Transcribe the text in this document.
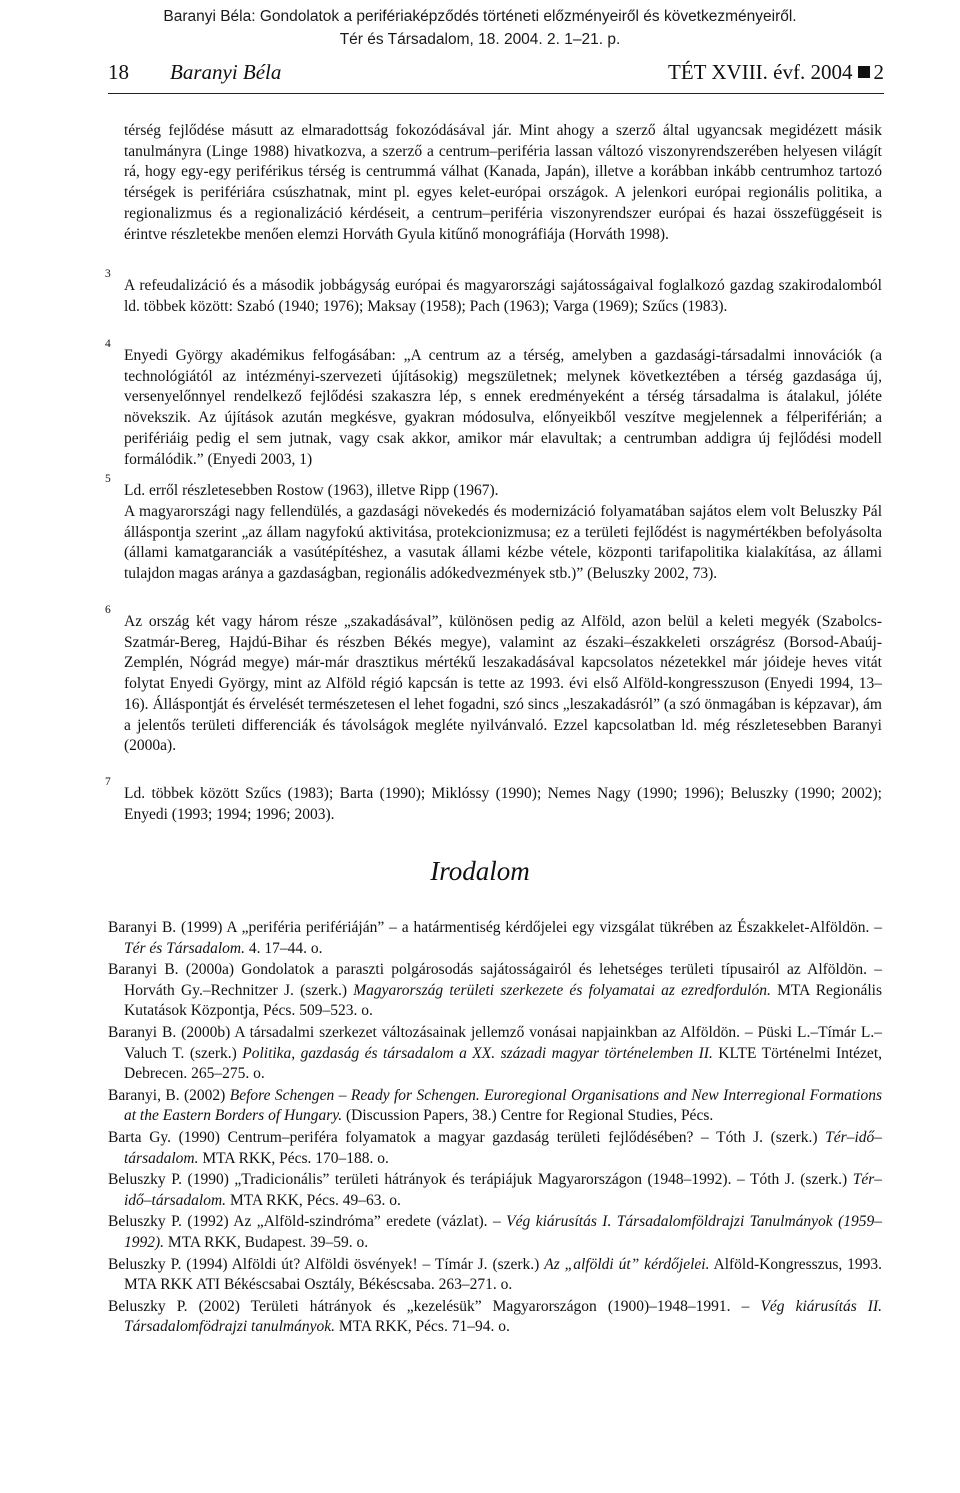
Baranyi Béla: Gondolatok a perifériaképződés történeti előzményeiről és következményeiről.
Tér és Társadalom, 18. 2004. 2. 1–21. p.
18 Baranyi Béla	TÉT XVIII. évf. 2004 2

térség fejlődése másutt az elmaradottság fokozódásával jár. Mint ahogy a szerző által ugyancsak megidézett másik tanulmányra (Linge 1988) hivatkozva, a szerző a centrum–periféria lassan változó viszonyrendszerében helyesen világít rá, hogy egy-egy periférikus térség is centrummá válhat (Kanada, Japán), illetve a korábban inkább centrumhoz tartozó térségek is perifériára csúszhatnak, mint pl. egyes kelet-európai országok. A jelenkori európai regionális politika, a regionalizmus és a regionalizáció kérdéseit, a centrum–periféria viszonyrendszer európai és hazai összefüggéseit is érintve részletekbe menően elemzi Horváth Gyula kitűnő monográfiája (Horváth 1998).

3

A refeudalizáció és a második jobbágyság európai és magyarországi sajátosságaival foglalkozó gazdag szakirodalomból ld. többek között: Szabó (1940; 1976); Maksay (1958); Pach (1963); Varga (1969); Szűcs (1983).

4

Enyedi György akadémikus felfogásában: „A centrum az a térség, amelyben a gazdasági-társadalmi innovációk (a technológiától az intézményi-szervezeti újításokig) megszületnek; melynek következtében a térség gazdasága új, versenyelőnnyel rendelkező fejlődési szakaszra lép, s ennek eredményeként a térség társadalma is átalakul, jóléte növekszik. Az újítások azután megkésve, gyakran módosulva, előnyeikből veszítve megjelennek a félperiférián; a perifériáig pedig el sem jutnak, vagy csak akkor, amikor már elavultak; a centrumban addigra új fejlődési modell formálódik.” (Enyedi 2003, 1)

5

Ld. erről részletesebben Rostow (1963), illetve Ripp (1967).

A magyarországi nagy fellendülés, a gazdasági növekedés és modernizáció folyamatában sajátos elem volt Beluszky Pál álláspontja szerint „az állam nagyfokú aktivitása, protekcionizmusa; ez a területi fejlődést is nagymértékben befolyásolta (állami kamatgaranciák a vasútépítéshez, a vasutak állami kézbe vétele, központi tarifapolitika kialakítása, az állami tulajdon magas aránya a gazdaságban, regionális adókedvezmények stb.)” (Beluszky 2002, 73).

6

Az ország két vagy három része „szakadásával”, különösen pedig az Alföld, azon belül a keleti megyék (Szabolcs-Szatmár-Bereg, Hajdú-Bihar és részben Békés megye), valamint az északi–északkeleti országrész (Borsod-Abaúj-Zemplén, Nógrád megye) már-már drasztikus mértékű leszakadásával kapcsolatos nézetekkel már jóideje heves vitát folytat Enyedi György, mint az Alföld régió kapcsán is tette az 1993. évi első Alföld-kongresszuson (Enyedi 1994, 13–16). Álláspontját és érvelését természetesen el lehet fogadni, szó sincs „leszakadásról” (a szó önmagában is képzavar), ám a jelentős területi differenciák és távolságok megléte nyilvánvaló. Ezzel kapcsolatban ld. még részletesebben Baranyi (2000a).

7

Ld. többek között Szűcs (1983); Barta (1990); Miklóssy (1990); Nemes Nagy (1990; 1996); Beluszky (1990; 2002); Enyedi (1993; 1994; 1996; 2003).

Irodalom

Baranyi B. (1999) A „periféria perifériáján” – a határmentiség kérdőjelei egy vizsgálat tükrében az Északkelet-Alföldön. – Tér és Társadalom. 4. 17–44. o.

Baranyi B. (2000a) Gondolatok a paraszti polgárosodás sajátosságairól és lehetséges területi típusairól az Alföldön. – Horváth Gy.–Rechnitzer J. (szerk.) Magyarország területi szerkezete és folyamatai az ezredfordulón. MTA Regionális Kutatások Központja, Pécs. 509–523. o.

Baranyi B. (2000b) A társadalmi szerkezet változásainak jellemző vonásai napjainkban az Alföldön. – Püski L.–Tímár L.–Valuch T. (szerk.) Politika, gazdaság és társadalom a XX. századi magyar történelemben II. KLTE Történelmi Intézet, Debrecen. 265–275. o.

Baranyi, B. (2002) Before Schengen – Ready for Schengen. Euroregional Organisations and New Interregional Formations at the Eastern Borders of Hungary. (Discussion Papers, 38.) Centre for Regional Studies, Pécs.

Barta Gy. (1990) Centrum–periféra folyamatok a magyar gazdaság területi fejlődésében? – Tóth J. (szerk.) Tér–idő–társadalom. MTA RKK, Pécs. 170–188. o.

Beluszky P. (1990) „Tradicionális” területi hátrányok és terápiájuk Magyarországon (1948–1992). – Tóth J. (szerk.) Tér–idő–társadalom. MTA RKK, Pécs. 49–63. o.

Beluszky P. (1992) Az „Alföld-szindróma” eredete (vázlat). – Vég kiárusítás I. Társadalomföldrajzi Tanulmányok (1959–1992). MTA RKK, Budapest. 39–59. o.

Beluszky P. (1994) Alföldi út? Alföldi ösvények! – Tímár J. (szerk.) Az „alföldi út” kérdőjelei. Alföld-Kongresszus, 1993. MTA RKK ATI Békéscsabai Osztály, Békéscsaba. 263–271. o.

Beluszky P. (2002) Területi hátrányok és „kezelésük” Magyarországon (1900)–1948–1991. – Vég kiárusítás II. Társadalomfödrajzi tanulmányok. MTA RKK, Pécs. 71–94. o.
